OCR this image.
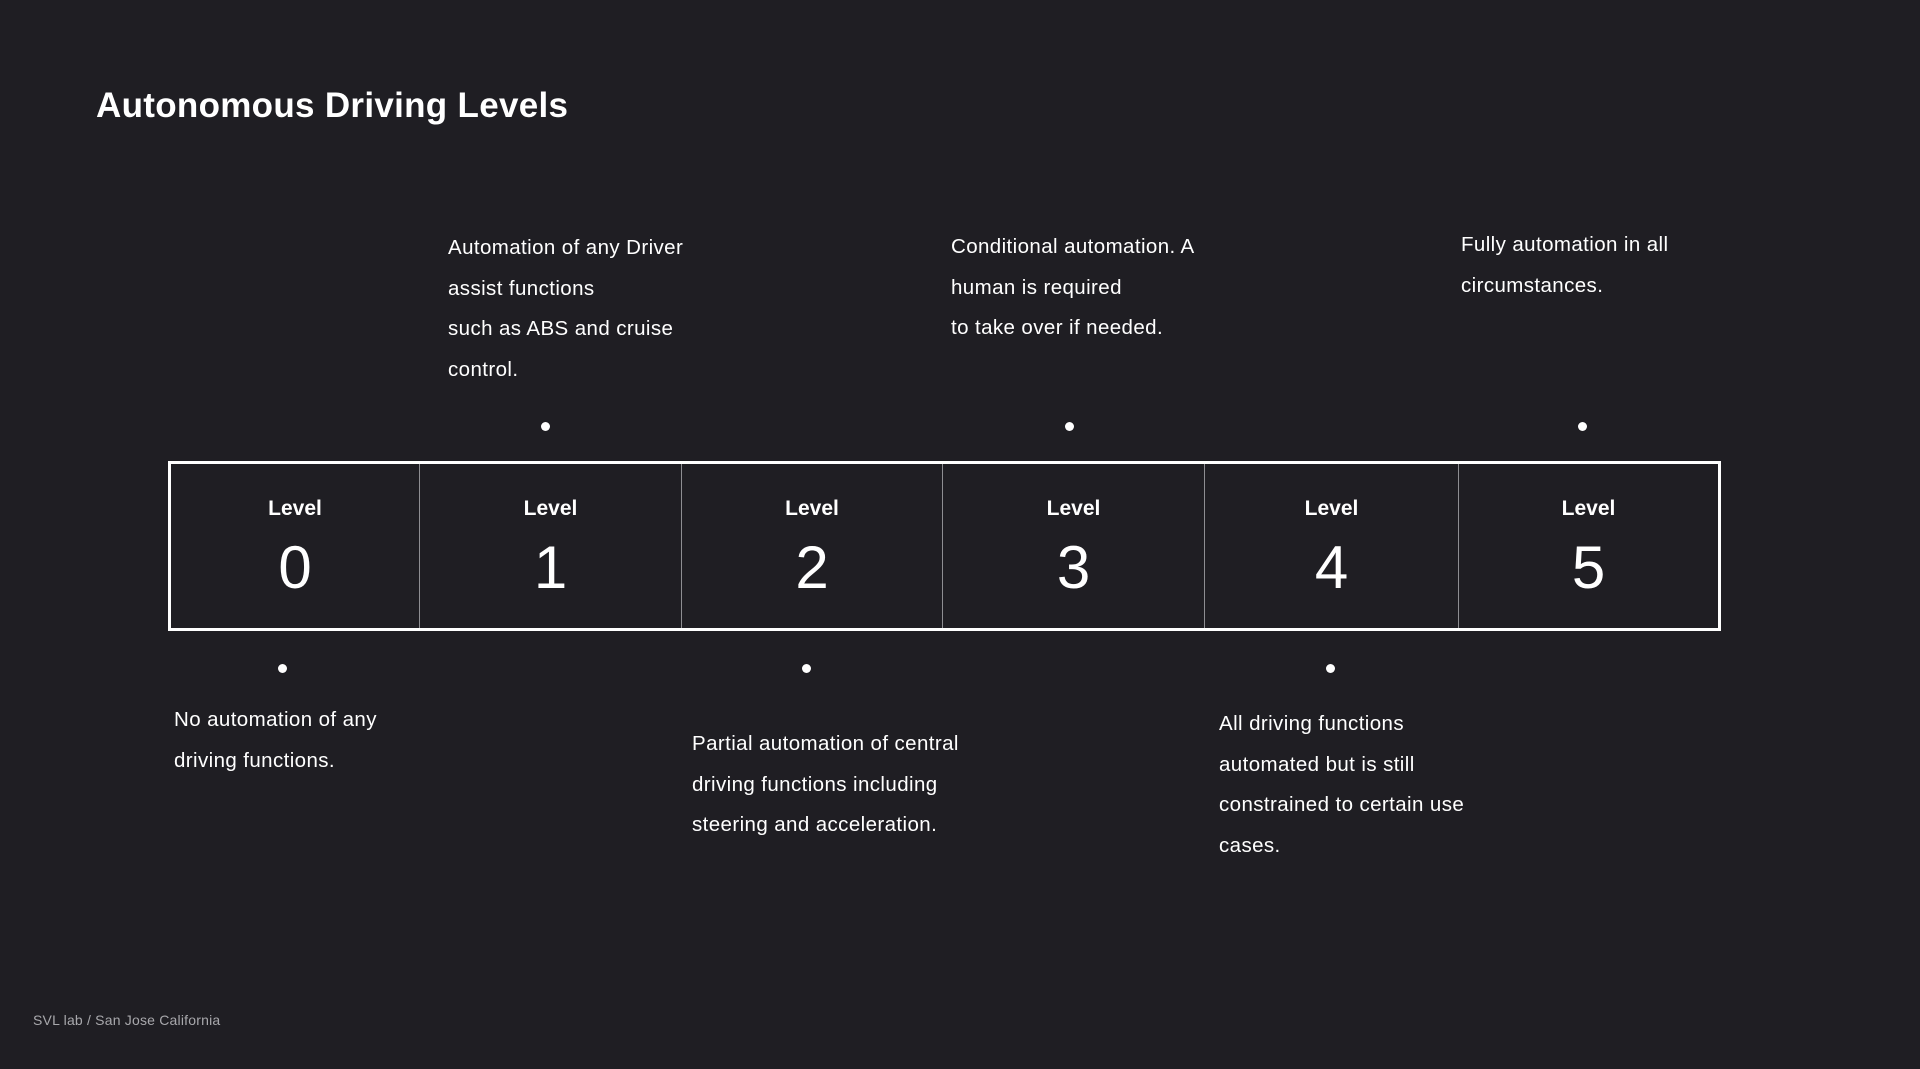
Autonomous Driving Levels
Automation of any Driver
assist functions
such as ABS and cruise
control.
Conditional automation. A
human is required
to take over if needed.
Fully automation in all
circumstances.
Level
0
Level
1
Level
2
Level
3
Level
4
Level
5
No automation of any
driving functions.
Partial automation of central
driving functions including
steering and acceleration.
All driving functions
automated but is still
constrained to certain use
cases.
SVL lab / San Jose California
